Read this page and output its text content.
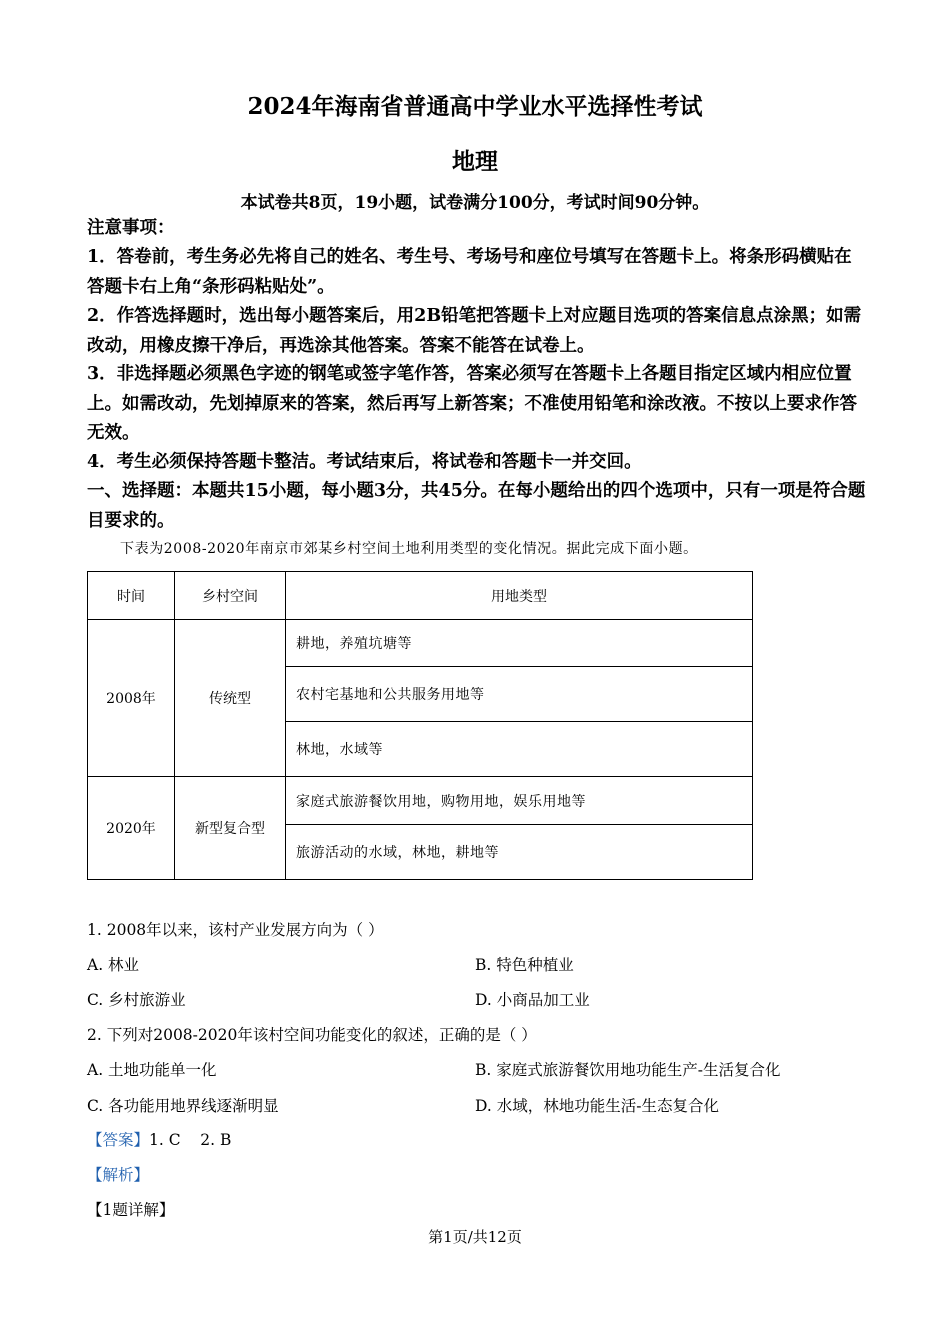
2024年海南省普通高中学业水平选择性考试
地理
本试卷共8页，19小题，试卷满分100分，考试时间90分钟。
注意事项：
1．答卷前，考生务必先将自己的姓名、考生号、考场号和座位号填写在答题卡上。将条形码横贴在答题卡右上角“条形码粘贴处”。
2．作答选择题时，选出每小题答案后，用2B铅笔把答题卡上对应题目选项的答案信息点涂黑；如需改动，用橡皮擦干净后，再选涂其他答案。答案不能答在试卷上。
3．非选择题必须黑色字迹的钢笔或签字笔作答，答案必须写在答题卡上各题目指定区域内相应位置上。如需改动，先划掉原来的答案，然后再写上新答案；不准使用铅笔和涂改液。不按以上要求作答无效。
4．考生必须保持答题卡整洁。考试结束后，将试卷和答题卡一并交回。
一、选择题：本题共15小题，每小题3分，共45分。在每小题给出的四个选项中，只有一项是符合题目要求的。
下表为2008-2020年南京市郊某乡村空间土地利用类型的变化情况。据此完成下面小题。
时间	乡村空间	用地类型
2008年	传统型	耕地，养殖坑塘等
		农村宅基地和公共服务用地等
		林地，水域等
2020年	新型复合型	家庭式旅游餐饮用地，购物用地，娱乐用地等
		旅游活动的水域，林地，耕地等
1. 2008年以来，该村产业发展方向为（ ）
A. 林业	B. 特色种植业
C. 乡村旅游业	D. 小商品加工业
2. 下列对2008-2020年该村空间功能变化的叙述，正确的是（ ）
A. 土地功能单一化	B. 家庭式旅游餐饮用地功能生产-生活复合化
C. 各功能用地界线逐渐明显	D. 水域，林地功能生活-生态复合化
【答案】1. C    2. B
【解析】
【1题详解】
第1页/共12页
